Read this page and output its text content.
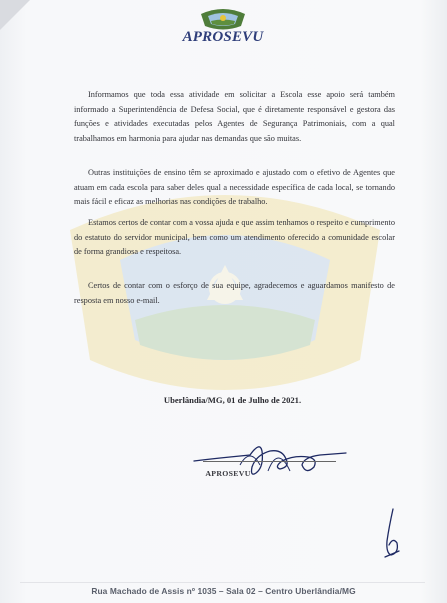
APROSEVU

Informamos que toda essa atividade em solicitar a Escola esse apoio será também informado a Superintendência de Defesa Social, que é diretamente responsável e gestora das funções e atividades executadas pelos Agentes de Segurança Patrimoniais, com a qual trabalhamos em harmonia para ajudar nas demandas que são muitas.

Outras instituições de ensino têm se aproximado e ajustado com o efetivo de Agentes que atuam em cada escola para saber deles qual a necessidade específica de cada local, se tornando mais fácil e eficaz as melhorias nas condições de trabalho.

Estamos certos de contar com a vossa ajuda e que assim tenhamos o respeito e cumprimento do estatuto do servidor municipal, bem como um atendimento oferecido a comunidade escolar de forma grandiosa e respeitosa.

Certos de contar com o esforço de sua equipe, agradecemos e aguardamos manifesto de resposta em nosso e-mail.

Uberlândia/MG, 01 de Julho de 2021.
APROSEVU
Rua Machado de Assis nº 1035 – Sala 02 – Centro Uberlândia/MG
